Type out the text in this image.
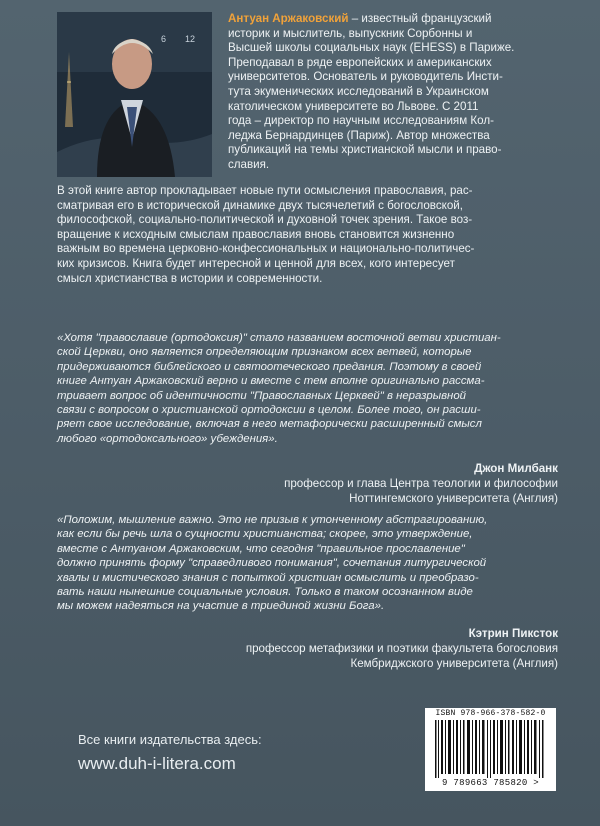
12
6
Антуан Аржаковский – известный французский
историк и мыслитель, выпускник Сорбонны и
Высшей школы социальных наук (EHESS) в Париже.
Преподавал в ряде европейских и американских
университетов. Основатель и руководитель Инсти-
тута экуменических исследований в Украинском
католическом университете во Львове. С 2011
года – директор по научным исследованиям Кол-
леджа Бернардинцев (Париж). Автор множества
публикаций на темы христианской мысли и право-
славия.
В этой книге автор прокладывает новые пути осмысления православия, рас-
сматривая его в исторической динамике двух тысячелетий с богословской,
философской, социально-политической и духовной точек зрения. Такое воз-
вращение к исходным смыслам православия вновь становится жизненно
важным во времена церковно-конфессиональных и национально-политичес-
ких кризисов. Книга будет интересной и ценной для всех, кого интересует
смысл христианства в истории и современности.
«Хотя "православие (ортодоксия)" стало названием восточной ветви христиан-
ской Церкви, оно является определяющим признаком всех ветвей, которые
придерживаются библейского и святоотеческого предания. Поэтому в своей
книге Антуан Аржаковский верно и вместе с тем вполне оригинально рассма-
тривает вопрос об идентичности "Православных Церквей" в неразрывной
связи с вопросом о христианской ортодоксии в целом. Более того, он расши-
ряет свое исследование, включая в него метафорически расширенный смысл
любого «ортодоксального» убеждения».
Джон Милбанк
профессор и глава Центра теологии и философии
Ноттингемского университета (Англия)
«Положим, мышление важно. Это не призыв к утонченному абстрагированию,
как если бы речь шла о сущности христианства; скорее, это утверждение,
вместе с Антуаном Аржаковским, что сегодня "правильное прославление"
должно принять форму "справедливого понимания", сочетания литургической
хвалы и мистического знания с попыткой христиан осмыслить и преобразо-
вать наши нынешние социальные условия. Только в таком осознанном виде
мы можем надеяться на участие в триединой жизни Бога».
Кэтрин Пиксток
профессор метафизики и поэтики факультета богословия
Кембриджского университета (Англия)
Все книги издательства здесь:
www.duh-i-litera.com
ISBN 978-966-378-582-0
9 789663 785820 >
